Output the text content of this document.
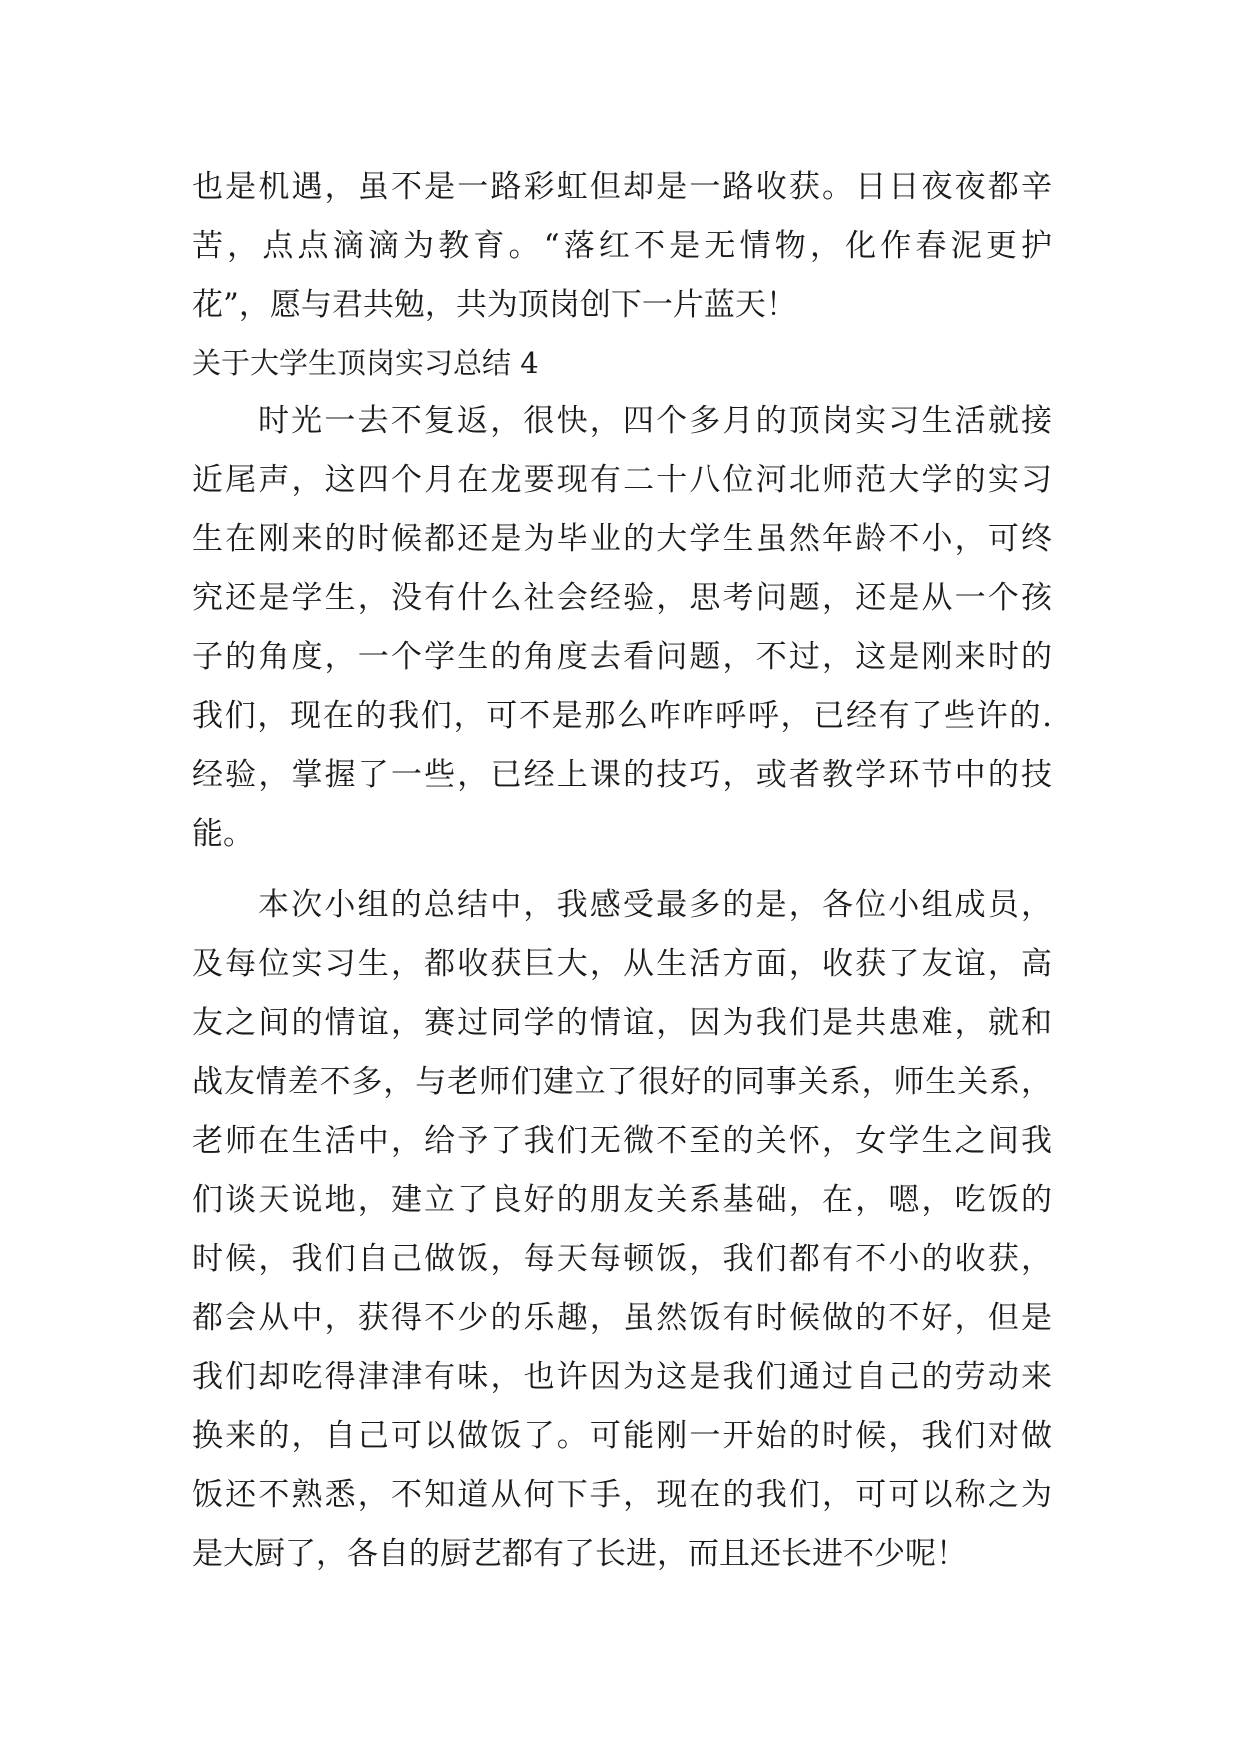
也是机遇，虽不是一路彩虹但却是一路收获。日日夜夜都辛
苦，点点滴滴为教育。“落红不是无情物，化作春泥更护
花”，愿与君共勉，共为顶岗创下一片蓝天！
关于大学生顶岗实习总结 4
时光一去不复返，很快，四个多月的顶岗实习生活就接
近尾声，这四个月在龙要现有二十八位河北师范大学的实习
生在刚来的时候都还是为毕业的大学生虽然年龄不小，可终
究还是学生，没有什么社会经验，思考问题，还是从一个孩
子的角度，一个学生的角度去看问题，不过，这是刚来时的
我们，现在的我们，可不是那么咋咋呼呼，已经有了些许的.
经验，掌握了一些，已经上课的技巧，或者教学环节中的技
能。
本次小组的总结中，我感受最多的是，各位小组成员，
及每位实习生，都收获巨大，从生活方面，收获了友谊，高
友之间的情谊，赛过同学的情谊，因为我们是共患难，就和
战友情差不多，与老师们建立了很好的同事关系，师生关系，
老师在生活中，给予了我们无微不至的关怀，女学生之间我
们谈天说地，建立了良好的朋友关系基础，在，嗯，吃饭的
时候，我们自己做饭，每天每顿饭，我们都有不小的收获，
都会从中，获得不少的乐趣，虽然饭有时候做的不好，但是
我们却吃得津津有味，也许因为这是我们通过自己的劳动来
换来的，自己可以做饭了。可能刚一开始的时候，我们对做
饭还不熟悉，不知道从何下手，现在的我们，可可以称之为
是大厨了，各自的厨艺都有了长进，而且还长进不少呢！
